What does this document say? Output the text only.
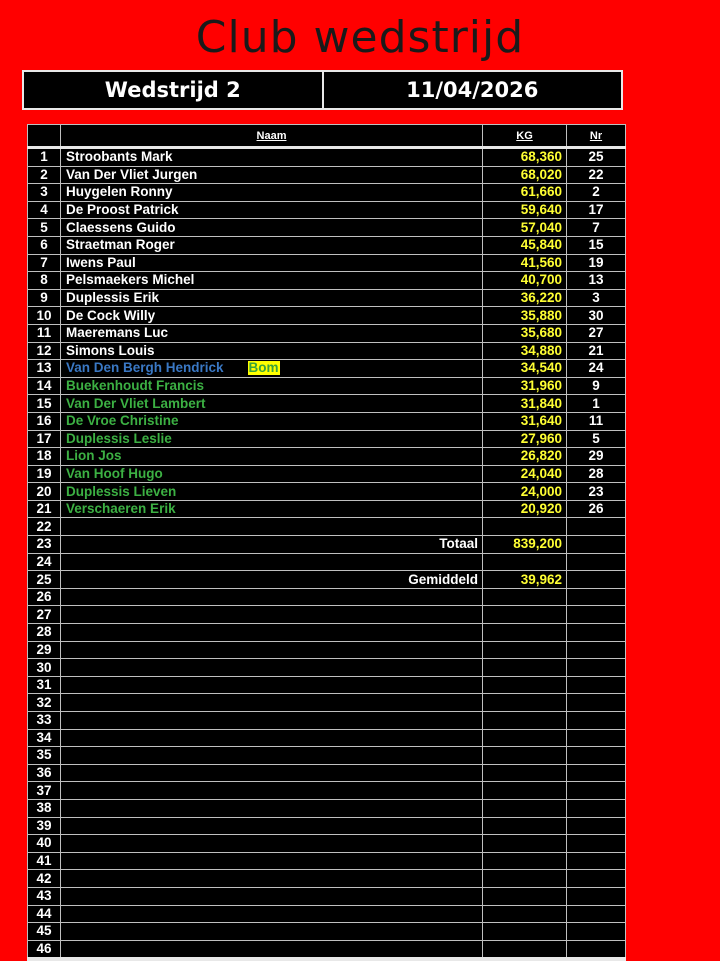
Club wedstrijd
Wedstrijd 2	11/04/2026
	Naam	KG	Nr
1	Stroobants Mark	68,360	25
2	Van Der Vliet Jurgen	68,020	22
3	Huygelen Ronny	61,660	2
4	De Proost Patrick	59,640	17
5	Claessens Guido	57,040	7
6	Straetman Roger	45,840	15
7	Iwens Paul	41,560	19
8	Pelsmaekers Michel	40,700	13
9	Duplessis Erik	36,220	3
10	De Cock Willy	35,880	30
11	Maeremans Luc	35,680	27
12	Simons Louis	34,880	21
13	Van Den Bergh Hendrick Bom	34,540	24
14	Buekenhoudt Francis	31,960	9
15	Van Der Vliet Lambert	31,840	1
16	De Vroe Christine	31,640	11
17	Duplessis Leslie	27,960	5
18	Lion Jos	26,820	29
19	Van Hoof Hugo	24,040	28
20	Duplessis Lieven	24,000	23
21	Verschaeren Erik	20,920	26
22			
23	Totaal	839,200	
24			
25	Gemiddeld	39,962	
26			
27			
28			
29			
30			
31			
32			
33			
34			
35			
36			
37			
38			
39			
40			
41			
42			
43			
44			
45			
46			
